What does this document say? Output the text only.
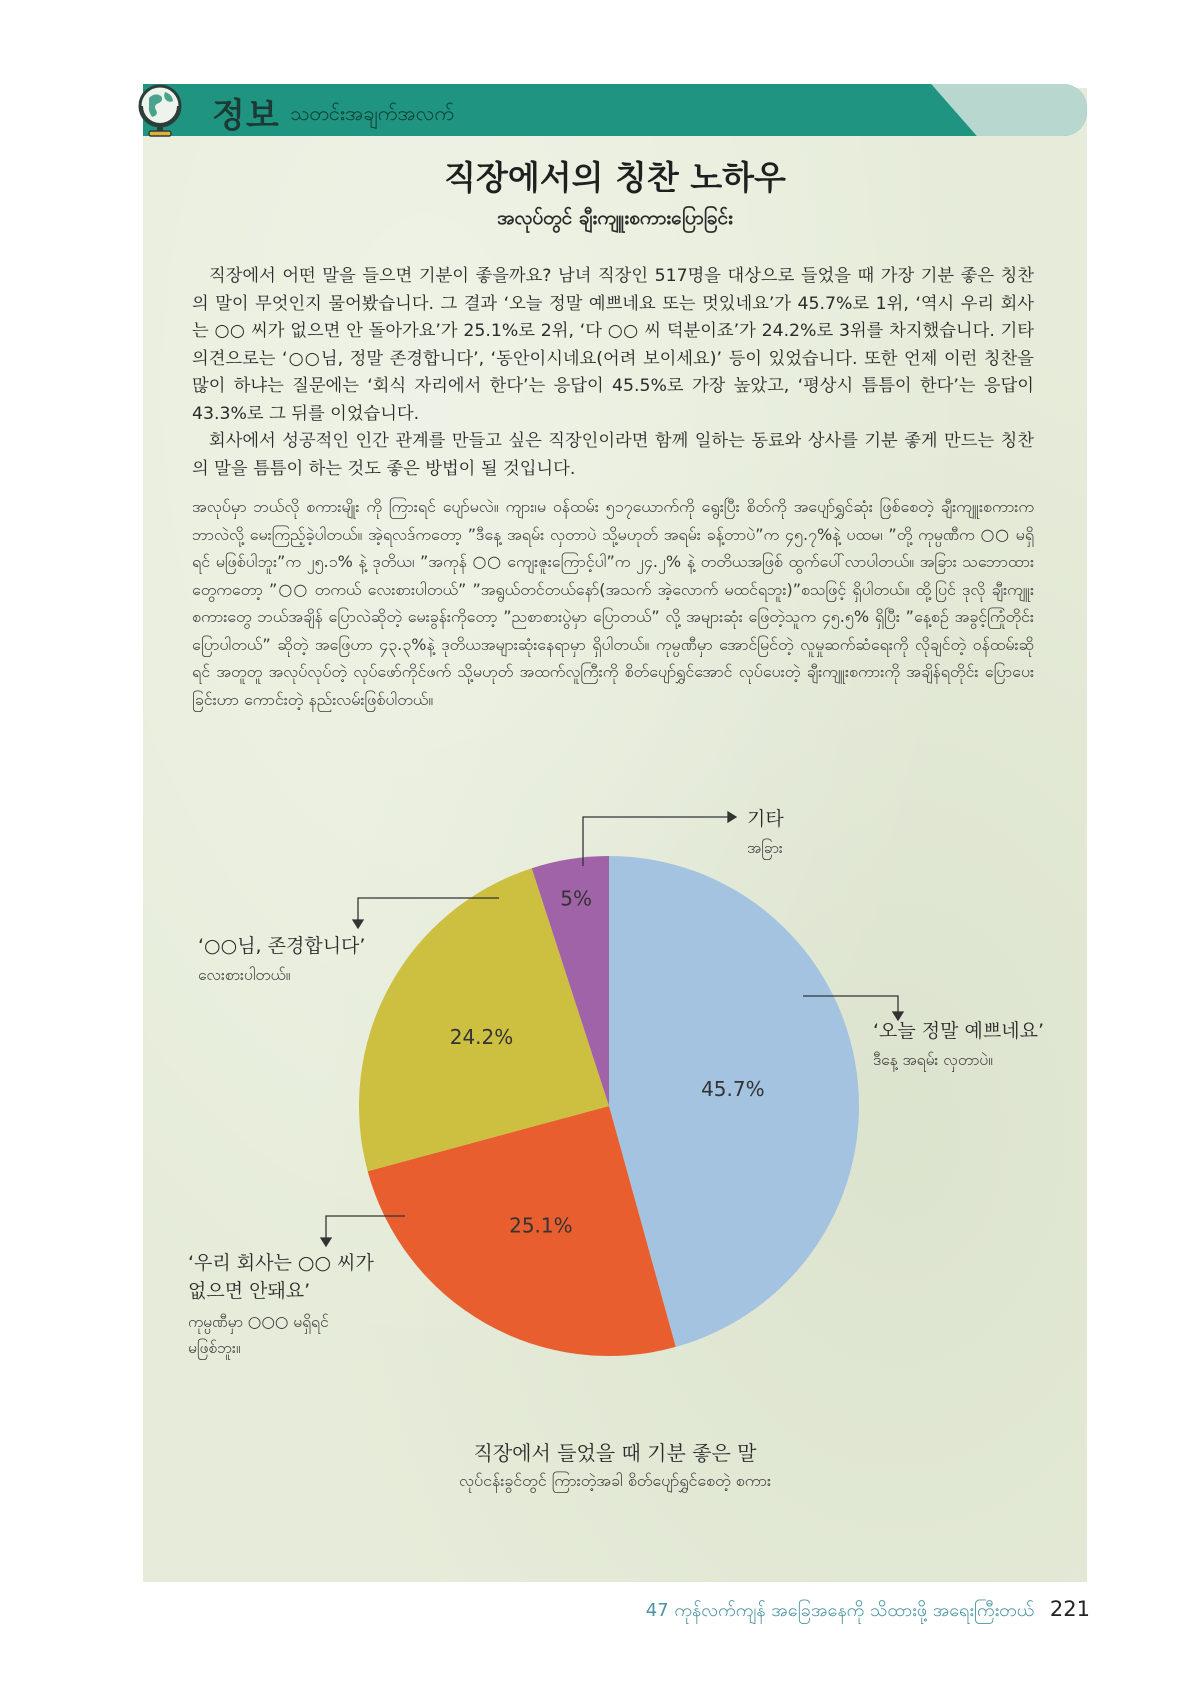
정보 သတင်းအချက်အလက်
직장에서의 칭찬 노하우
အလုပ်တွင် ချီးကျူးစကားပြောခြင်း

직장에서 어떤 말을 들으면 기분이 좋을까요? 남녀 직장인 517명을 대상으로 들었을 때 가장 기분 좋은 칭찬의 말이 무엇인지 물어봤습니다. 그 결과 ‘오늘 정말 예쁘네요 또는 멋있네요’가 45.7%로 1위, ‘역시 우리 회사는 ○○ 씨가 없으면 안 돌아가요’가 25.1%로 2위, ‘다 ○○ 씨 덕분이죠’가 24.2%로 3위를 차지했습니다. 기타 의견으로는 ‘○○님, 정말 존경합니다’, ‘동안이시네요(어려 보이세요)’ 등이 있었습니다. 또한 언제 이런 칭찬을 많이 하냐는 질문에는 ‘회식 자리에서 한다’는 응답이 45.5%로 가장 높았고, ‘평상시 틈틈이 한다’는 응답이 43.3%로 그 뒤를 이었습니다.

회사에서 성공적인 인간 관계를 만들고 싶은 직장인이라면 함께 일하는 동료와 상사를 기분 좋게 만드는 칭찬의 말을 틈틈이 하는 것도 좋은 방법이 될 것입니다.

အလုပ်မှာ ဘယ်လို စကားမျိုး ကို ကြားရင် ပျော်မလဲ။ ကျား၊မ ဝန်ထမ်း ၅၁၇ယောက်ကို ရွေးပြီး စိတ်ကို အပျော်ရွှင်ဆုံး ဖြစ်စေတဲ့ ချီးကျူးစကားက ဘာလဲလို့ မေးကြည့်ခဲ့ပါတယ်။ အဲ့ရလဒ်ကတော့ ”ဒီနေ့ အရမ်း လှတာပဲ သို့မဟုတ် အရမ်း ခန့်တာပဲ”က ၄၅.၇%နဲ့ ပထမ၊ ”တို့ ကုမ္ပဏီက ○○ မရှိရင် မဖြစ်ပါဘူး”က ၂၅.၁% နဲ့ ဒုတိယ၊ ”အကုန် ○○ ကျေးဇူးကြောင့်ပါ”က ၂၄.၂% နဲ့ တတိယအဖြစ် ထွက်ပေါ်လာပါတယ်။ အခြား သဘောထားတွေကတော့ ”○○ တကယ် လေးစားပါတယ်” ”အရွယ်တင်တယ်နော်(အသက် အဲ့လောက် မထင်ရဘူး)”စသဖြင့် ရှိပါတယ်။ ထို့ပြင် ဒုလို ချီးကျူးစကားတွေ ဘယ်အချိန် ပြောလဲဆိုတဲ့ မေးခွန်းကိုတော့ ”ညစာစားပွဲမှာ ပြောတယ်” လို့ အများဆုံး ဖြေတဲ့သူက ၄၅.၅% ရှိပြီး ”နေ့စဉ် အခွင့်ကြုံတိုင်း ပြောပါတယ်” ဆိုတဲ့ အဖြေဟာ ၄၃.၃%နဲ့ ဒုတိယအများဆုံးနေရာမှာ ရှိပါတယ်။ ကုမ္ပဏီမှာ အောင်မြင်တဲ့ လူမှုဆက်ဆံရေးကို လိုချင်တဲ့ ဝန်ထမ်းဆိုရင် အတူတူ အလုပ်လုပ်တဲ့ လုပ်ဖော်ကိုင်ဖက် သို့မဟုတ် အထက်လူကြီးကို စိတ်ပျော်ရွှင်အောင် လုပ်ပေးတဲ့ ချီးကျူးစကားကို အချိန်ရတိုင်း ပြောပေးခြင်းဟာ ကောင်းတဲ့ နည်းလမ်းဖြစ်ပါတယ်။
45.7%
25.1%
24.2%
5%
‘오늘 정말 예쁘네요’
ဒီနေ့ အရမ်း လှတာပဲ။
‘우리 회사는 ○○ 씨가
없으면 안돼요’
ကုမ္ပဏီမှာ ○○○ မရှိရင်
မဖြစ်ဘူး။
‘○○님, 존경합니다’
လေးစားပါတယ်။
기타
အခြား
직장에서 들었을 때 기분 좋은 말
လုပ်ငန်းခွင်တွင် ကြားတဲ့အခါ စိတ်ပျော်ရွှင်စေတဲ့ စကား
47 ကုန်လက်ကျန် အခြေအနေကို သိထားဖို့ အရေးကြီးတယ် 221
